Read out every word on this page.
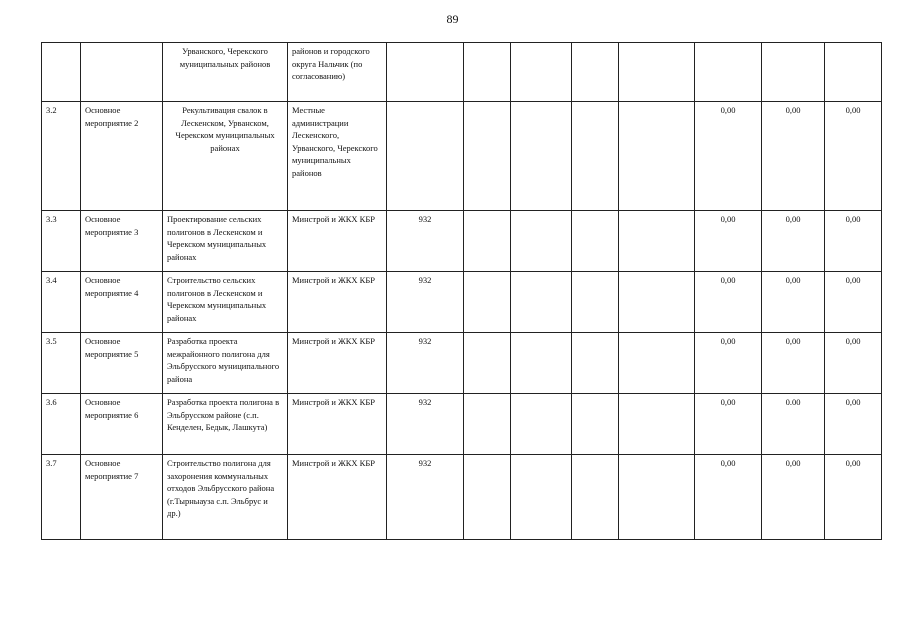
89
		Урванского, Черекского муниципальных районов	районов и городского округа Нальчик (по согласованию)								
3.2	Основное мероприятие 2	Рекультивация свалок в Лескенском, Урванском, Черекском муниципальных районах	Местные администрации Лескенского, Урванского, Черекского муниципальных районов						0,00	0,00	0,00
3.3	Основное мероприятие 3	Проектирование сельских полигонов в Лескенском и Черекском муниципальных районах	Минстрой и ЖКХ КБР	932					0,00	0,00	0,00
3.4	Основное мероприятие 4	Строительство сельских полигонов в Лескенском и Черекском муниципальных районах	Минстрой и ЖКХ КБР	932					0,00	0,00	0,00
3.5	Основное мероприятие 5	Разработка проекта межрайонного полигона для Эльбрусского муниципального района	Минстрой и ЖКХ КБР	932					0,00	0,00	0,00
3.6	Основное мероприятие 6	Разработка проекта полигона в Эльбрусском районе (с.п. Кенделен, Бедык, Лашкута)	Минстрой и ЖКХ КБР	932					0,00	0.00	0,00
3.7	Основное мероприятие 7	Строительство полигона для захоронения коммунальных отходов Эльбрусского района (г.Тырныауза с.п. Эльбрус и др.)	Минстрой и ЖКХ КБР	932					0,00	0,00	0,00
